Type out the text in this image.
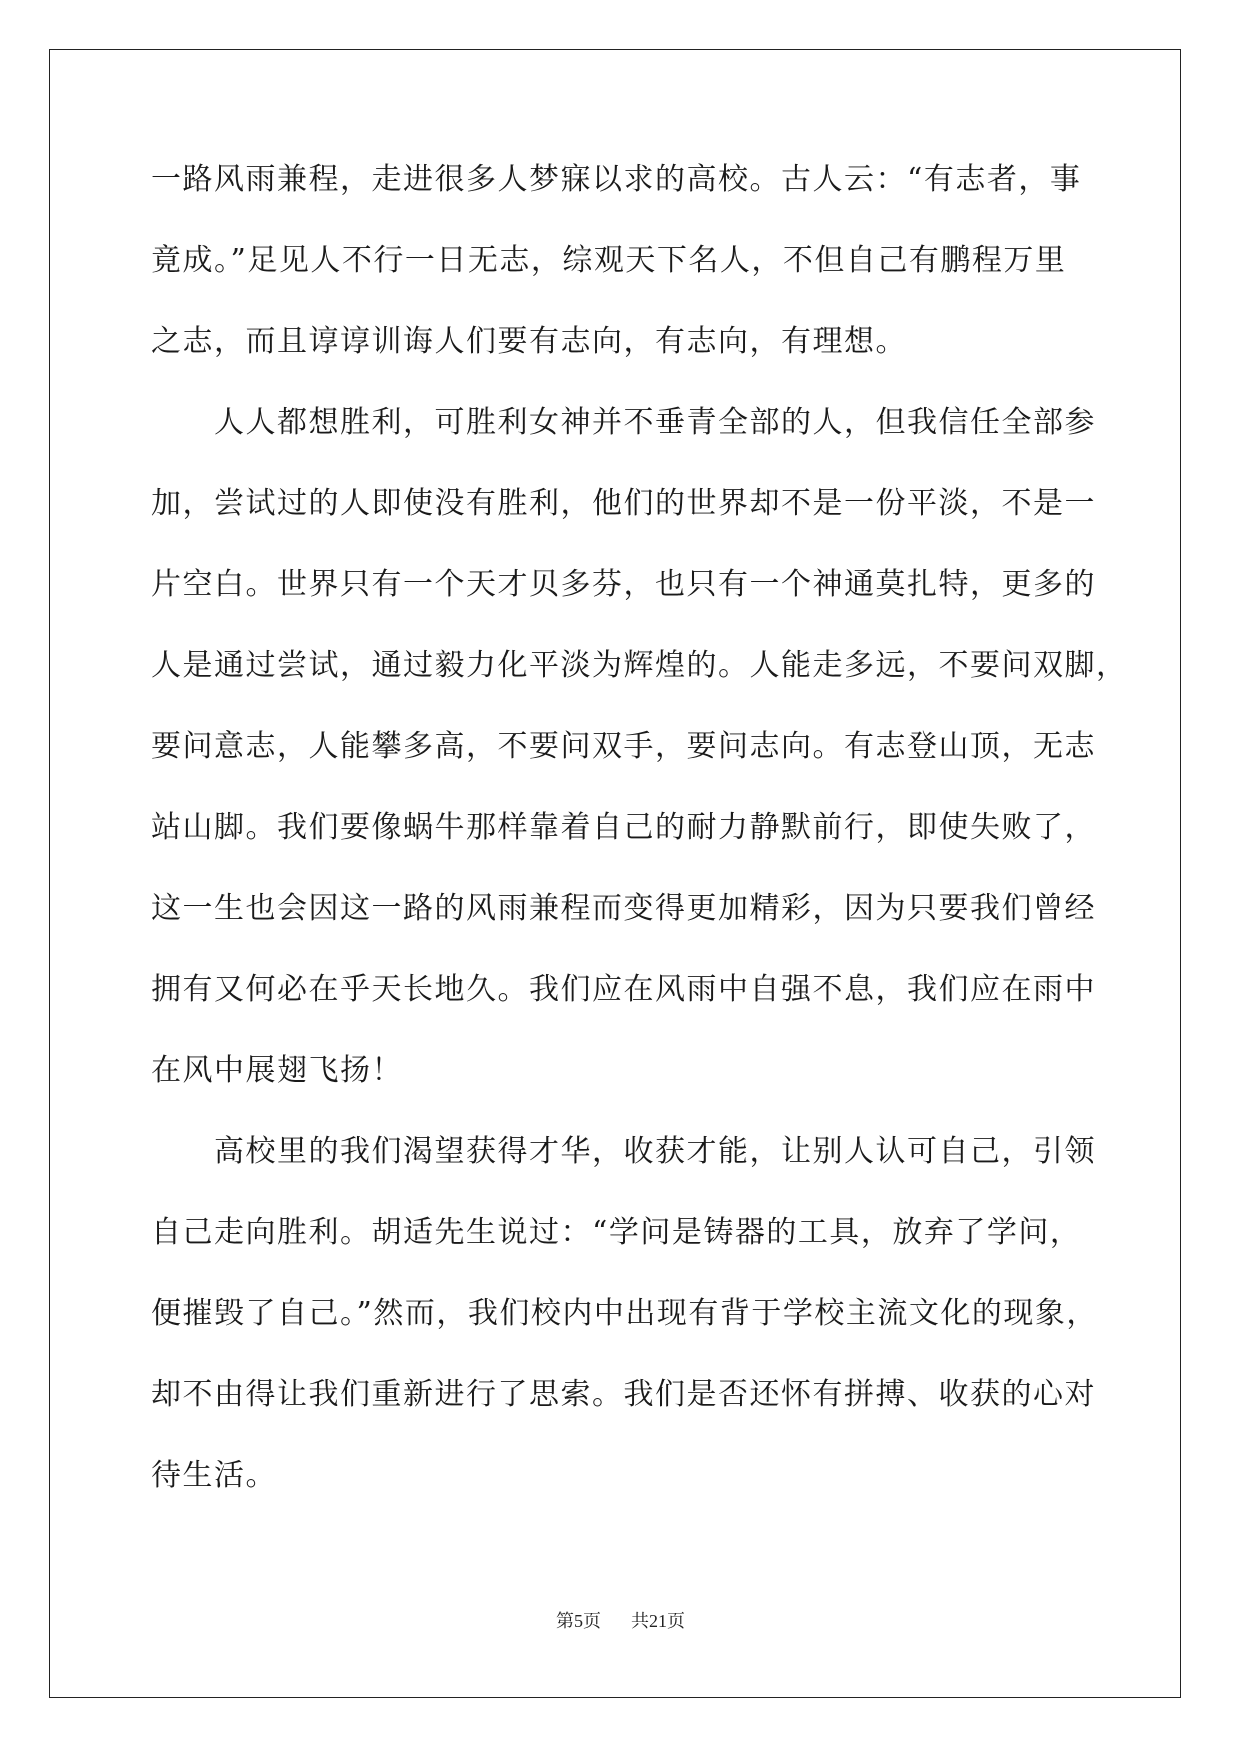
一路风雨兼程，走进很多人梦寐以求的高校。古人云：“有志者，事
竟成。”足见人不行一日无志，综观天下名人，不但自己有鹏程万里
之志，而且谆谆训诲人们要有志向，有志向，有理想。
　　人人都想胜利，可胜利女神并不垂青全部的人，但我信任全部参
加，尝试过的人即使没有胜利，他们的世界却不是一份平淡，不是一
片空白。世界只有一个天才贝多芬，也只有一个神通莫扎特，更多的
人是通过尝试，通过毅力化平淡为辉煌的。人能走多远，不要问双脚，
要问意志，人能攀多高，不要问双手，要问志向。有志登山顶，无志
站山脚。我们要像蜗牛那样靠着自己的耐力静默前行，即使失败了，
这一生也会因这一路的风雨兼程而变得更加精彩，因为只要我们曾经
拥有又何必在乎天长地久。我们应在风雨中自强不息，我们应在雨中
在风中展翅飞扬！
　　高校里的我们渴望获得才华，收获才能，让别人认可自己，引领
自己走向胜利。胡适先生说过：“学问是铸器的工具，放弃了学问，
便摧毁了自己。”然而，我们校内中出现有背于学校主流文化的现象，
却不由得让我们重新进行了思索。我们是否还怀有拼搏、收获的心对
待生活。
第5页 共21页
